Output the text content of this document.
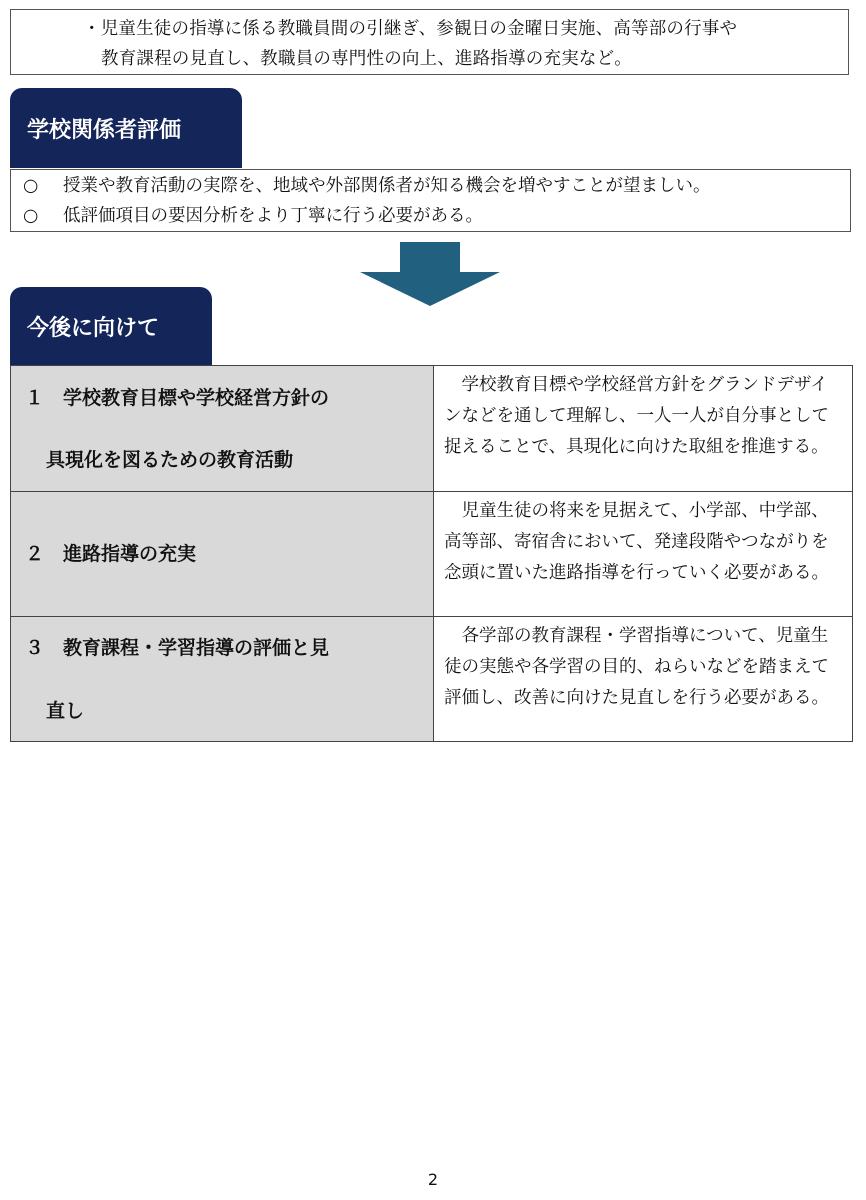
・児童生徒の指導に係る教職員間の引継ぎ、参観日の金曜日実施、高等部の行事や
教育課程の見直し、教職員の専門性の向上、進路指導の充実など。
学校関係者評価
○ 授業や教育活動の実際を、地域や外部関係者が知る機会を増やすことが望ましい。
○ 低評価項目の要因分析をより丁寧に行う必要がある。
今後に向けて
１　学校教育目標や学校経営方針の
具現化を図るための教育活動	　学校教育目標や学校経営方針をグランドデザインなどを通して理解し、一人一人が自分事として捉えることで、具現化に向けた取組を推進する。

２　進路指導の充実	　児童生徒の将来を見据えて、小学部、中学部、高等部、寄宿舎において、発達段階やつながりを念頭に置いた進路指導を行っていく必要がある。

３　教育課程・学習指導の評価と見
直し	　各学部の教育課程・学習指導について、児童生徒の実態や各学習の目的、ねらいなどを踏まえて評価し、改善に向けた見直しを行う必要がある。
2
